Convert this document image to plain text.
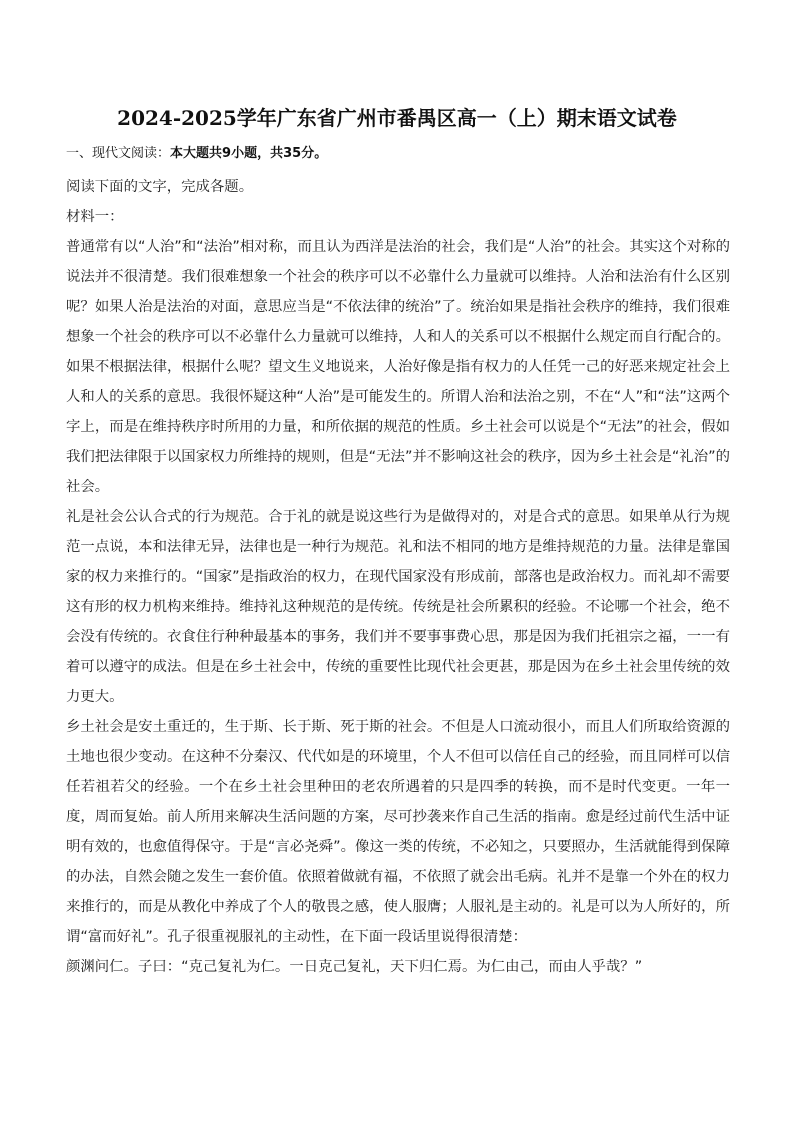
2024-2025学年广东省广州市番禺区高一（上）期末语文试卷
一、现代文阅读：本大题共9小题，共35分。

阅读下面的文字，完成各题。

材料一：

普通常有以“人治”和“法治”相对称，而且认为西洋是法治的社会，我们是“人治”的社会。其实这个对称的说法并不很清楚。我们很难想象一个社会的秩序可以不必靠什么力量就可以维持。人治和法治有什么区别呢？如果人治是法治的对面，意思应当是“不依法律的统治”了。统治如果是指社会秩序的维持，我们很难想象一个社会的秩序可以不必靠什么力量就可以维持，人和人的关系可以不根据什么规定而自行配合的。如果不根据法律，根据什么呢？望文生义地说来，人治好像是指有权力的人任凭一己的好恶来规定社会上人和人的关系的意思。我很怀疑这种“人治”是可能发生的。所谓人治和法治之别，不在“人”和“法”这两个字上，而是在维持秩序时所用的力量，和所依据的规范的性质。乡土社会可以说是个“无法”的社会，假如我们把法律限于以国家权力所维持的规则，但是“无法”并不影响这社会的秩序，因为乡土社会是“礼治”的社会。

礼是社会公认合式的行为规范。合于礼的就是说这些行为是做得对的，对是合式的意思。如果单从行为规范一点说，本和法律无异，法律也是一种行为规范。礼和法不相同的地方是维持规范的力量。法律是靠国家的权力来推行的。“国家”是指政治的权力，在现代国家没有形成前，部落也是政治权力。而礼却不需要这有形的权力机构来维持。维持礼这种规范的是传统。传统是社会所累积的经验。不论哪一个社会，绝不会没有传统的。衣食住行种种最基本的事务，我们并不要事事费心思，那是因为我们托祖宗之福，一一有着可以遵守的成法。但是在乡土社会中，传统的重要性比现代社会更甚，那是因为在乡土社会里传统的效力更大。

乡土社会是安土重迁的，生于斯、长于斯、死于斯的社会。不但是人口流动很小，而且人们所取给资源的土地也很少变动。在这种不分秦汉、代代如是的环境里，个人不但可以信任自己的经验，而且同样可以信任若祖若父的经验。一个在乡土社会里种田的老农所遇着的只是四季的转换，而不是时代变更。一年一度，周而复始。前人所用来解决生活问题的方案，尽可抄袭来作自己生活的指南。愈是经过前代生活中证明有效的，也愈值得保守。于是“言必尧舜”。像这一类的传统，不必知之，只要照办，生活就能得到保障的办法，自然会随之发生一套价值。依照着做就有福，不依照了就会出毛病。礼并不是靠一个外在的权力来推行的，而是从教化中养成了个人的敬畏之感，使人服膺；人服礼是主动的。礼是可以为人所好的，所谓“富而好礼”。孔子很重视服礼的主动性，在下面一段话里说得很清楚：

颜渊问仁。子曰：“克己复礼为仁。一日克己复礼，天下归仁焉。为仁由己，而由人乎哉？”
